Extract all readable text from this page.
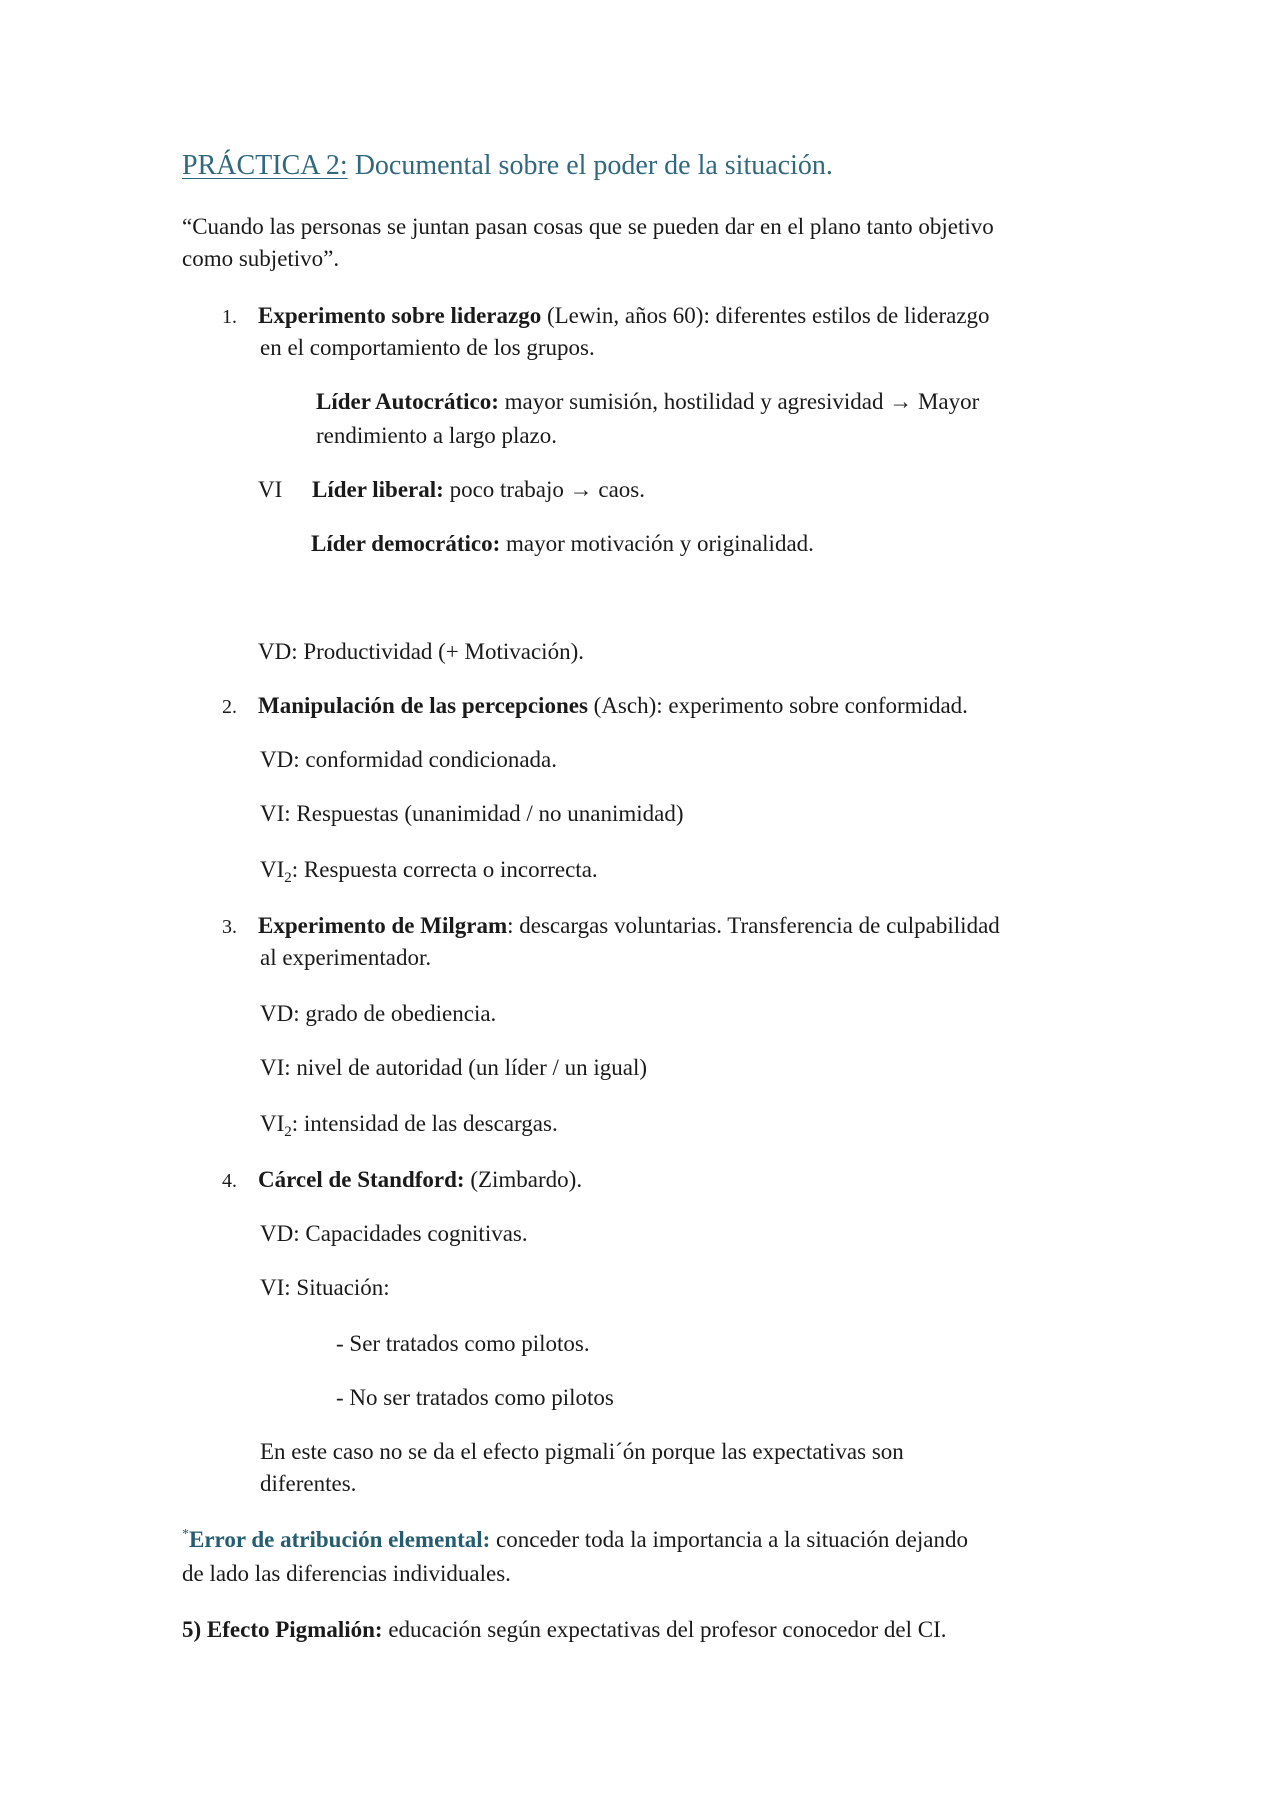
PRÁCTICA 2: Documental sobre el poder de la situación.
“Cuando las personas se juntan pasan cosas que se pueden dar en el plano tanto objetivo
como subjetivo”.
1. Experimento sobre liderazgo (Lewin, años 60): diferentes estilos de liderazgo
en el comportamiento de los grupos.
Líder Autocrático: mayor sumisión, hostilidad y agresividad → Mayor
rendimiento a largo plazo.
VI Líder liberal: poco trabajo → caos.
Líder democrático: mayor motivación y originalidad.
VD: Productividad (+ Motivación).
2. Manipulación de las percepciones (Asch): experimento sobre conformidad.
VD: conformidad condicionada.
VI: Respuestas (unanimidad / no unanimidad)
$VI_2$: Respuesta correcta o incorrecta.
3. Experimento de Milgram: descargas voluntarias. Transferencia de culpabilidad
al experimentador.
VD: grado de obediencia.
VI: nivel de autoridad (un líder / un igual)
$VI_2$: intensidad de las descargas.
4. Cárcel de Standford: (Zimbardo).
VD: Capacidades cognitivas.
VI: Situación:
- Ser tratados como pilotos.
- No ser tratados como pilotos
En este caso no se da el efecto pigmali´ón porque las expectativas son
diferentes.
*Error de atribución elemental: conceder toda la importancia a la situación dejando
de lado las diferencias individuales.
5) Efecto Pigmalión: educación según expectativas del profesor conocedor del CI.
